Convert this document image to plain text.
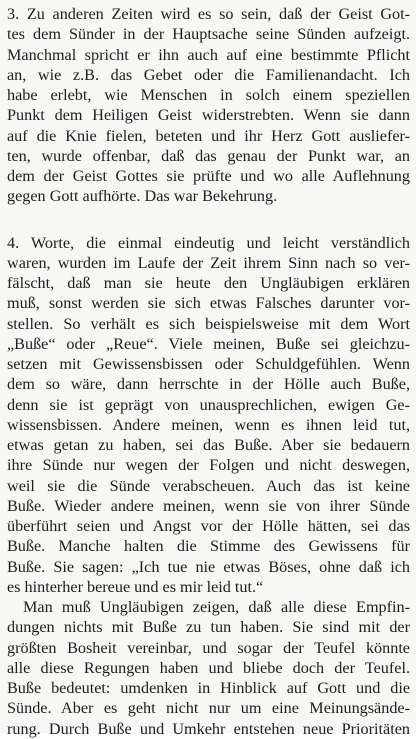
3. Zu anderen Zeiten wird es so sein, daß der Geist Got-
tes dem Sünder in der Hauptsache seine Sünden aufzeigt.
Manchmal spricht er ihn auch auf eine bestimmte Pflicht
an, wie z.B. das Gebet oder die Familienandacht. Ich
habe erlebt, wie Menschen in solch einem speziellen
Punkt dem Heiligen Geist widerstrebten. Wenn sie dann
auf die Knie fielen, beteten und ihr Herz Gott ausliefer-
ten, wurde offenbar, daß das genau der Punkt war, an
dem der Geist Gottes sie prüfte und wo alle Auflehnung
gegen Gott aufhörte. Das war Bekehrung.

4. Worte, die einmal eindeutig und leicht verständlich
waren, wurden im Laufe der Zeit ihrem Sinn nach so ver-
fälscht, daß man sie heute den Ungläubigen erklären
muß, sonst werden sie sich etwas Falsches darunter vor-
stellen. So verhält es sich beispielsweise mit dem Wort
„Buße“ oder „Reue“. Viele meinen, Buße sei gleichzu-
setzen mit Gewissensbissen oder Schuldgefühlen. Wenn
dem so wäre, dann herrschte in der Hölle auch Buße,
denn sie ist geprägt von unausprechlichen, ewigen Ge-
wissensbissen. Andere meinen, wenn es ihnen leid tut,
etwas getan zu haben, sei das Buße. Aber sie bedauern
ihre Sünde nur wegen der Folgen und nicht deswegen,
weil sie die Sünde verabscheuen. Auch das ist keine
Buße. Wieder andere meinen, wenn sie von ihrer Sünde
überführt seien und Angst vor der Hölle hätten, sei das
Buße. Manche halten die Stimme des Gewissens für
Buße. Sie sagen: „Ich tue nie etwas Böses, ohne daß ich
es hinterher bereue und es mir leid tut.“

Man muß Ungläubigen zeigen, daß alle diese Empfin-
dungen nichts mit Buße zu tun haben. Sie sind mit der
größten Bosheit vereinbar, und sogar der Teufel könnte
alle diese Regungen haben und bliebe doch der Teufel.
Buße bedeutet: umdenken in Hinblick auf Gott und die
Sünde. Aber es geht nicht nur um eine Meinungsände-
rung. Durch Buße und Umkehr entstehen neue Prioritäten
